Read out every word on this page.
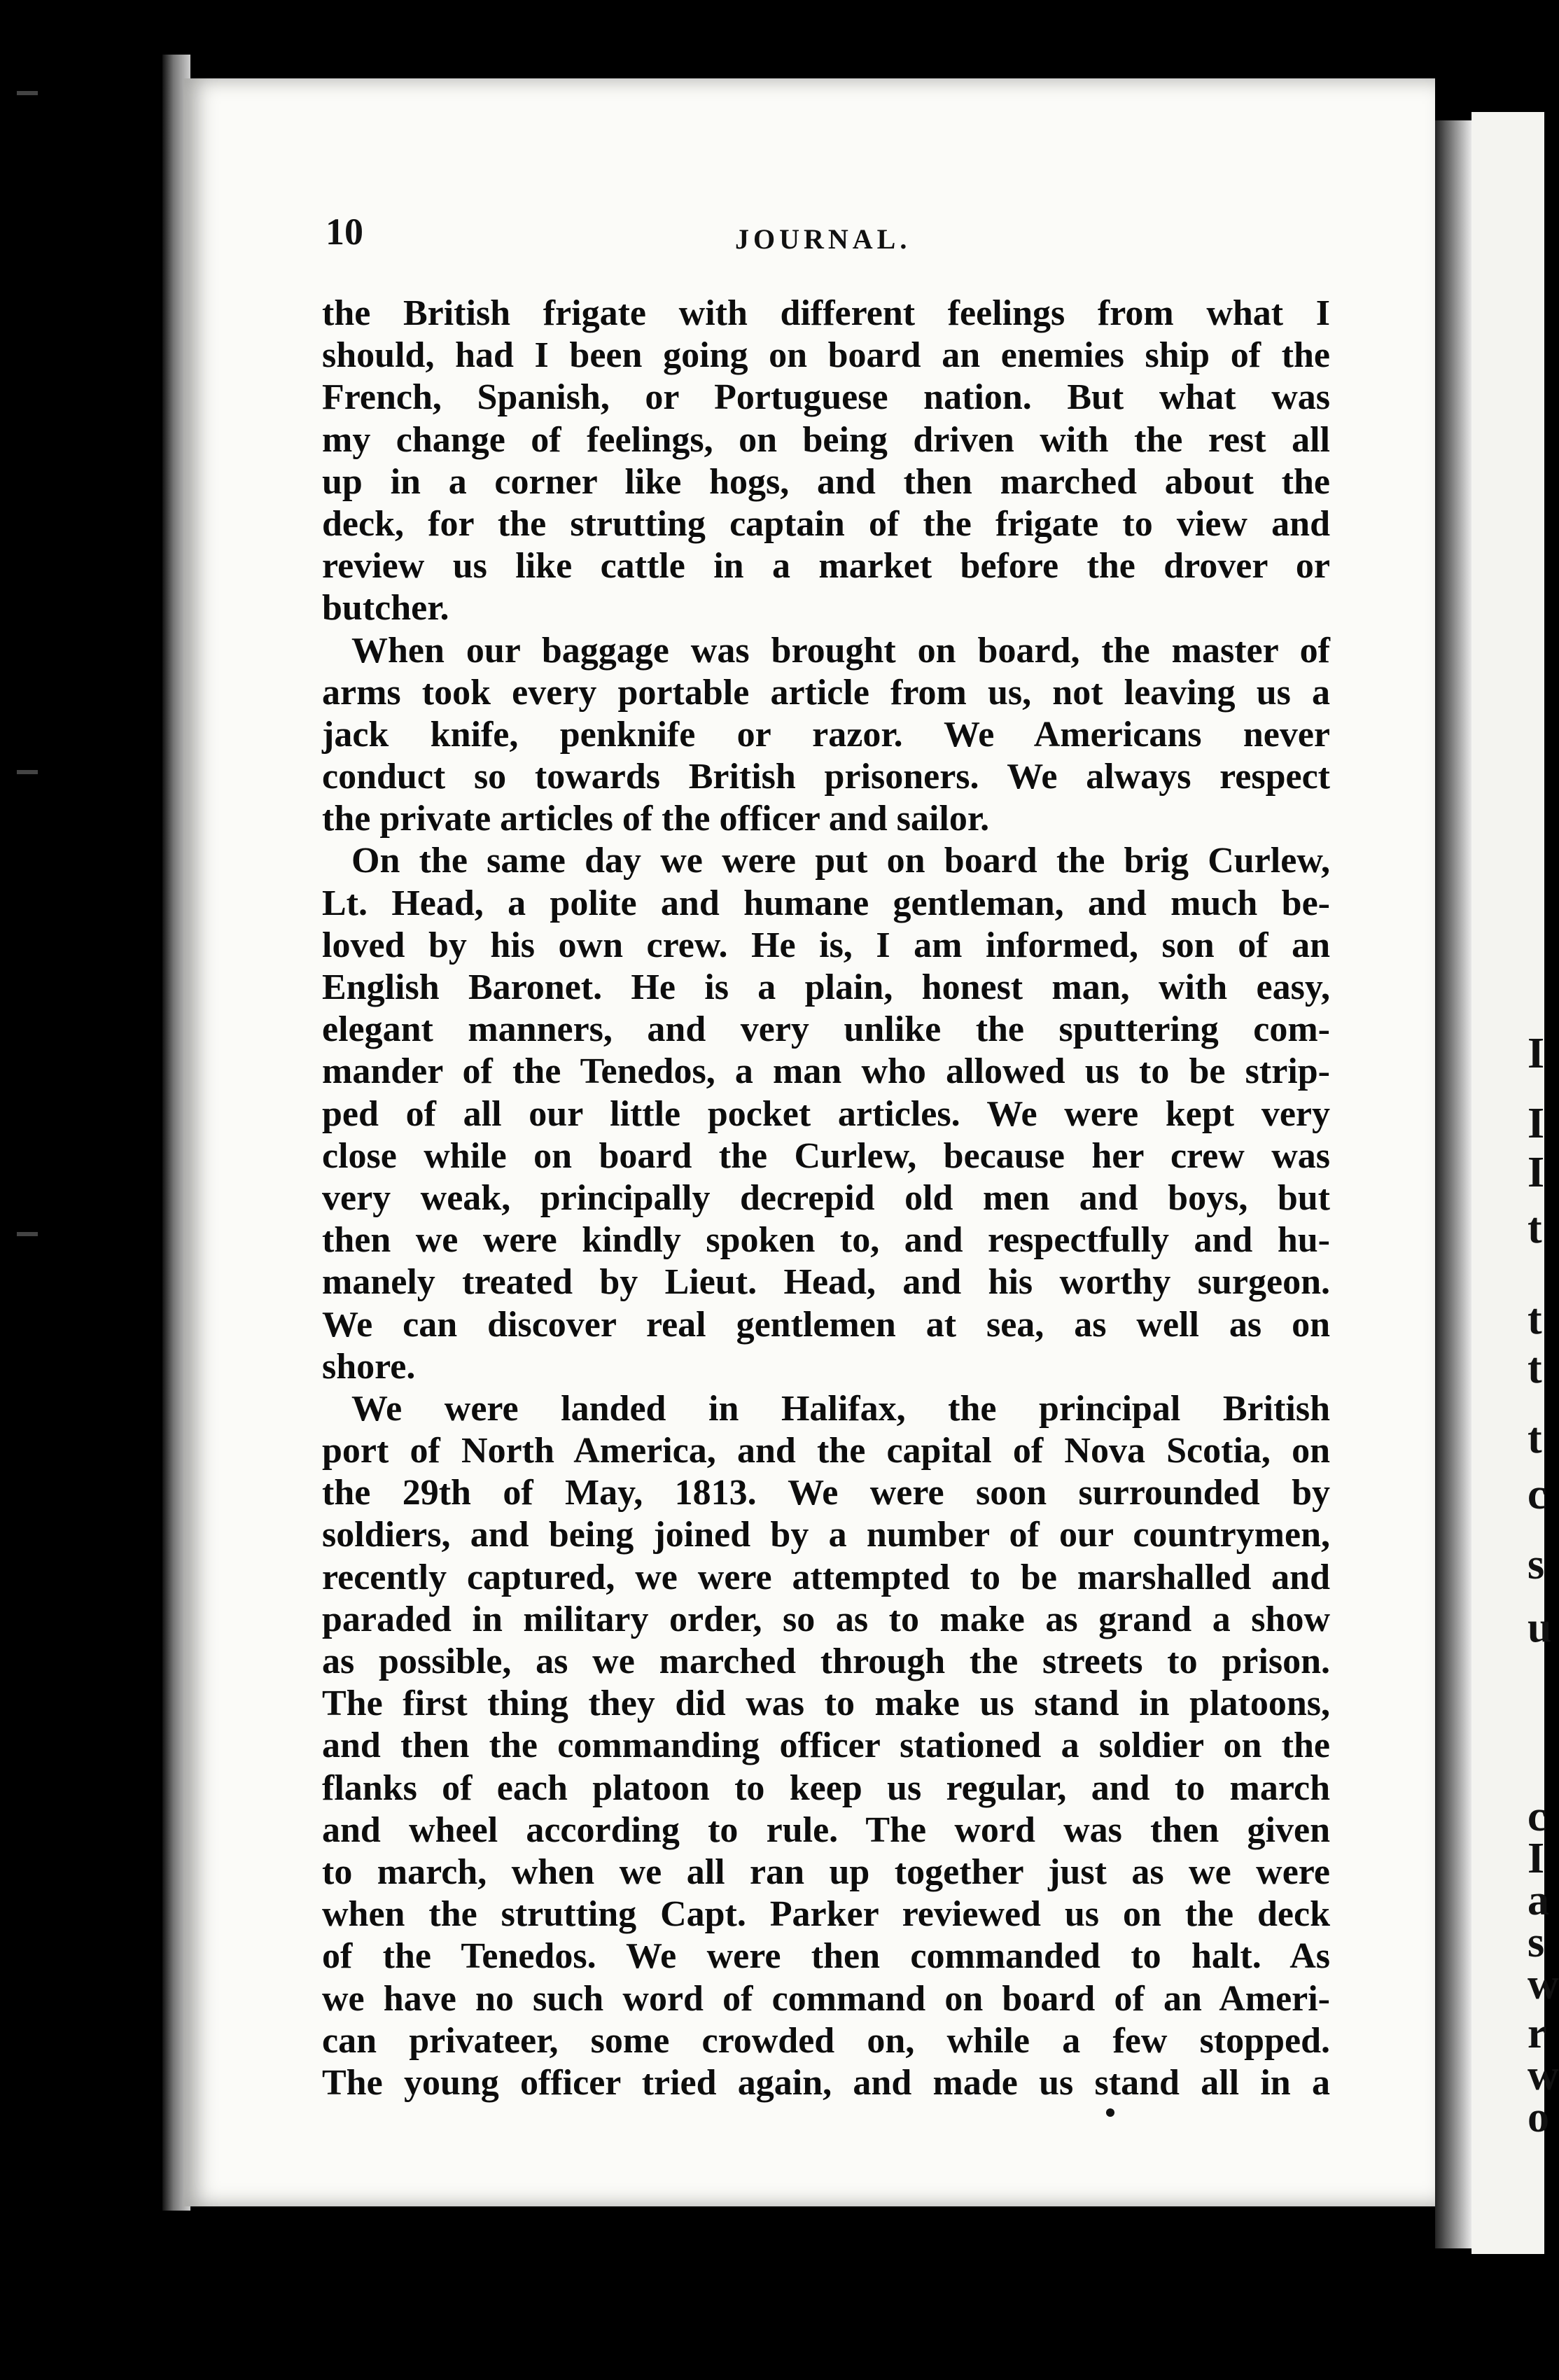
10	JOURNAL.
the British frigate with different feelings from what I
should, had I been going on board an enemies ship of the
French, Spanish, or Portuguese nation. But what was
my change of feelings, on being driven with the rest all
up in a corner like hogs, and then marched about the
deck, for the strutting captain of the frigate to view and
review us like cattle in a market before the drover or
butcher.
When our baggage was brought on board, the master of
arms took every portable article from us, not leaving us a
jack knife, penknife or razor. We Americans never
conduct so towards British prisoners. We always respect
the private articles of the officer and sailor.
On the same day we were put on board the brig Curlew,
Lt. Head, a polite and humane gentleman, and much be-
loved by his own crew. He is, I am informed, son of an
English Baronet. He is a plain, honest man, with easy,
elegant manners, and very unlike the sputtering com-
mander of the Tenedos, a man who allowed us to be strip-
ped of all our little pocket articles. We were kept very
close while on board the Curlew, because her crew was
very weak, principally decrepid old men and boys, but
then we were kindly spoken to, and respectfully and hu-
manely treated by Lieut. Head, and his worthy surgeon.
We can discover real gentlemen at sea, as well as on
shore.
We were landed in Halifax, the principal British
port of North America, and the capital of Nova Scotia, on
the 29th of May, 1813. We were soon surrounded by
soldiers, and being joined by a number of our countrymen,
recently captured, we were attempted to be marshalled and
paraded in military order, so as to make as grand a show
as possible, as we marched through the streets to prison.
The first thing they did was to make us stand in platoons,
and then the commanding officer stationed a soldier on the
flanks of each platoon to keep us regular, and to march
and wheel according to rule. The word was then given
to march, when we all ran up together just as we were
when the strutting Capt. Parker reviewed us on the deck
of the Tenedos. We were then commanded to halt. As
we have no such word of command on board of an Ameri-
can privateer, some crowded on, while a few stopped.
The young officer tried again, and made us stand all in a
I
I
I
t
t
t
t
c
s
u
c
I
a
s
w
r
w
o
